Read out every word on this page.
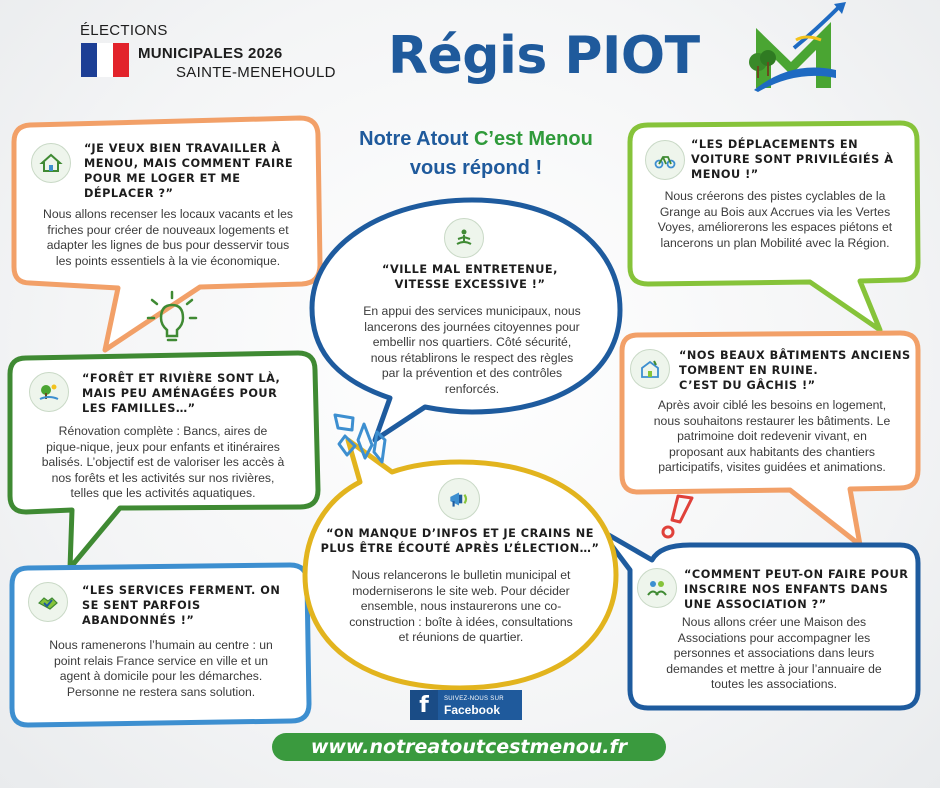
ÉLECTIONS
MUNICIPALES 2026
SAINTE-MENEHOULD Régis PIOT
Notre Atout C’est Menou
vous répond !
“JE VEUX BIEN TRAVAILLER À
MENOU, MAIS COMMENT FAIRE
POUR ME LOGER ET ME
DÉPLACER ?”
Nous allons recenser les locaux vacants et les
friches pour créer de nouveaux logements et
adapter les lignes de bus pour desservir tous
les points essentiels à la vie économique.
“FORÊT ET RIVIÈRE SONT LÀ,
MAIS PEU AMÉNAGÉES POUR
LES FAMILLES…”
Rénovation complète : Bancs, aires de
pique-nique, jeux pour enfants et itinéraires
balisés. L’objectif est de valoriser les accès à
nos forêts et les activités sur nos rivières,
telles que les activités aquatiques.
“LES SERVICES FERMENT. ON
SE SENT PARFOIS
ABANDONNÉS !”
Nous ramenerons l’humain au centre : un
point relais France service en ville et un
agent à domicile pour les démarches.
Personne ne restera sans solution.
“VILLE MAL ENTRETENUE,
VITESSE EXCESSIVE !”
En appui des services municipaux, nous
lancerons des journées citoyennes pour
embellir nos quartiers. Côté sécurité,
nous rétablirons le respect des règles
par la prévention et des contrôles
renforcés.
“ON MANQUE D’INFOS ET JE CRAINS NE
PLUS ÊTRE ÉCOUTÉ APRÈS L’ÉLECTION…”
Nous relancerons le bulletin municipal et
moderniserons le site web. Pour décider
ensemble, nous instaurerons une co-
construction : boîte à idées, consultations
et réunions de quartier.
“LES DÉPLACEMENTS EN
VOITURE SONT PRIVILÉGIÉS À
MENOU !”
Nous créerons des pistes cyclables de la
Grange au Bois aux Accrues via les Vertes
Voyes, améliorerons les espaces piétons et
lancerons un plan Mobilité avec la Région.
“NOS BEAUX BÂTIMENTS ANCIENS
TOMBENT EN RUINE.
C’EST DU GÂCHIS !”
Après avoir ciblé les besoins en logement,
nous souhaitons restaurer les bâtiments. Le
patrimoine doit redevenir vivant, en
proposant aux habitants des chantiers
participatifs, visites guidées et animations.
“COMMENT PEUT-ON FAIRE POUR
INSCRIRE NOS ENFANTS DANS
UNE ASSOCIATION ?”
Nous allons créer une Maison des
Associations pour accompagner les
personnes et associations dans leurs
demandes et mettre à jour l’annuaire de
toutes les associations.
f	SUIVEZ-NOUS SUR
Facebook
www.notreatoutcestmenou.fr
